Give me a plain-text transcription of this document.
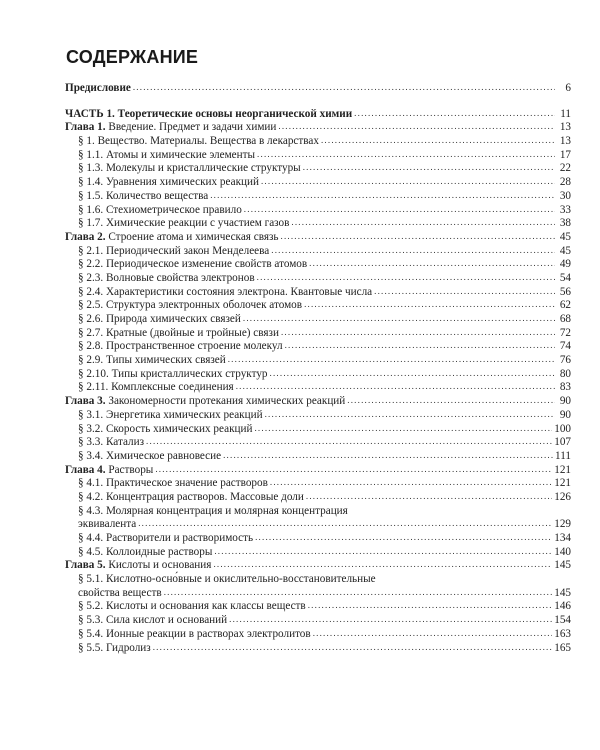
СОДЕРЖАНИЕ
Предисловие .....	6
ЧАСТЬ 1. Теоретические основы неорганической химии .....	11
Глава 1. Введение. Предмет и задачи химии .....	13
§ 1. Вещество. Материалы. Вещества в лекарствах .....	13
§ 1.1. Атомы и химические элементы .....	17
§ 1.3. Молекулы и кристаллические структуры .....	22
§ 1.4. Уравнения химических реакций .....	28
§ 1.5. Количество вещества .....	30
§ 1.6. Стехиометрическое правило .....	33
§ 1.7. Химические реакции с участием газов .....	38
Глава 2. Строение атома и химическая связь .....	45
§ 2.1. Периодический закон Менделеева .....	45
§ 2.2. Периодическое изменение свойств атомов .....	49
§ 2.3. Волновые свойства электронов .....	54
§ 2.4. Характеристики состояния электрона. Квантовые числа .....	56
§ 2.5. Структура электронных оболочек атомов .....	62
§ 2.6. Природа химических связей .....	68
§ 2.7. Кратные (двойные и тройные) связи .....	72
§ 2.8. Пространственное строение молекул .....	74
§ 2.9. Типы химических связей .....	76
§ 2.10. Типы кристаллических структур .....	80
§ 2.11. Комплексные соединения .....	83
Глава 3. Закономерности протекания химических реакций .....	90
§ 3.1. Энергетика химических реакций .....	90
§ 3.2. Скорость химических реакций .....	100
§ 3.3. Катализ .....	107
§ 3.4. Химическое равновесие .....	111
Глава 4. Растворы .....	121
§ 4.1. Практическое значение растворов .....	121
§ 4.2. Концентрация растворов. Массовые доли .....	126
§ 4.3. Молярная концентрация и молярная концентрация
эквивалента .....	129
§ 4.4. Растворители и растворимость .....	134
§ 4.5. Коллоидные растворы .....	140
Глава 5. Кислоты и основания .....	145
§ 5.1. Кислотно-осно́вные и окислительно-восстановительные
свойства веществ .....	145
§ 5.2. Кислоты и основания как классы веществ .....	146
§ 5.3. Сила кислот и оснований .....	154
§ 5.4. Ионные реакции в растворах электролитов .....	163
§ 5.5. Гидролиз .....	165
